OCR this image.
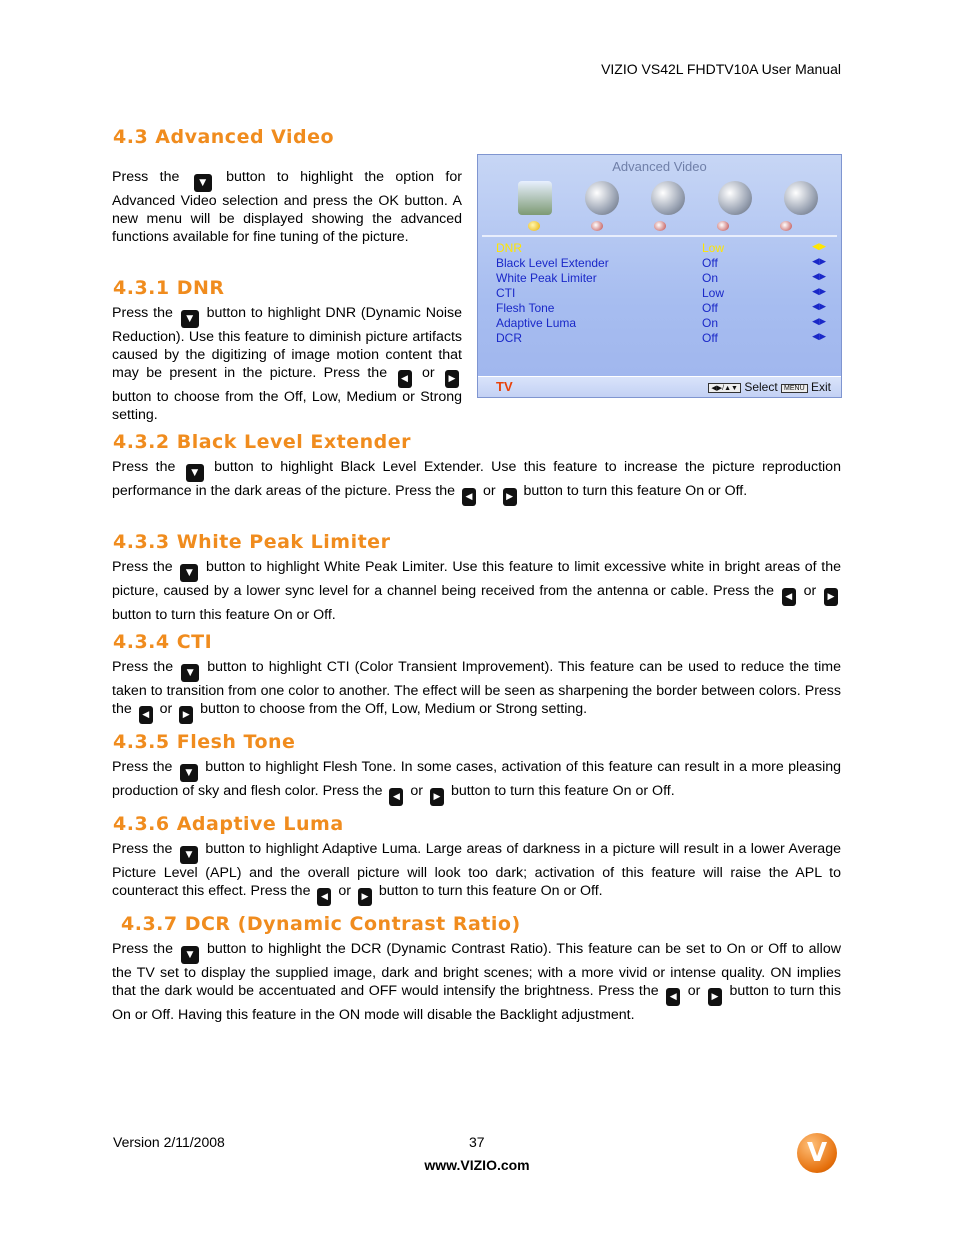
VIZIO VS42L FHDTV10A User Manual
4.3 Advanced Video
Press the ▼ button to highlight the option for Advanced Video selection and press the OK button. A new menu will be displayed showing the advanced functions available for fine tuning of the picture.
Advanced Video
DNR	Low	◀▶
Black Level Extender	Off	◀▶
White Peak Limiter	On	◀▶
CTI	Low	◀▶
Flesh Tone	Off	◀▶
Adaptive Luma	On	◀▶
DCR	Off	◀▶
TV	◀▶/▲▼ Select MENU Exit
4.3.1 DNR
Press the ▼ button to highlight DNR (Dynamic Noise Reduction). Use this feature to diminish picture artifacts caused by the digitizing of image motion content that may be present in the picture. Press the ◀ or ▶ button to choose from the Off, Low, Medium or Strong setting.
4.3.2 Black Level Extender
Press the ▼ button to highlight Black Level Extender. Use this feature to increase the picture reproduction performance in the dark areas of the picture. Press the ◀ or ▶ button to turn this feature On or Off.
4.3.3 White Peak Limiter
Press the ▼ button to highlight White Peak Limiter. Use this feature to limit excessive white in bright areas of the picture, caused by a lower sync level for a channel being received from the antenna or cable. Press the ◀ or ▶ button to turn this feature On or Off.
4.3.4 CTI
Press the ▼ button to highlight CTI (Color Transient Improvement). This feature can be used to reduce the time taken to transition from one color to another. The effect will be seen as sharpening the border between colors. Press the ◀ or ▶ button to choose from the Off, Low, Medium or Strong setting.
4.3.5 Flesh Tone
Press the ▼ button to highlight Flesh Tone. In some cases, activation of this feature can result in a more pleasing production of sky and flesh color. Press the ◀ or ▶ button to turn this feature On or Off.
4.3.6 Adaptive Luma
Press the ▼ button to highlight Adaptive Luma. Large areas of darkness in a picture will result in a lower Average Picture Level (APL) and the overall picture will look too dark; activation of this feature will raise the APL to counteract this effect. Press the ◀ or ▶ button to turn this feature On or Off.
4.3.7 DCR (Dynamic Contrast Ratio)
Press the ▼ button to highlight the DCR (Dynamic Contrast Ratio). This feature can be set to On or Off to allow the TV set to display the supplied image, dark and bright scenes; with a more vivid or intense quality. ON implies that the dark would be accentuated and OFF would intensify the brightness. Press the ◀ or ▶ button to turn this On or Off. Having this feature in the ON mode will disable the Backlight adjustment.
Version 2/11/2008	37
www.VIZIO.com	V
